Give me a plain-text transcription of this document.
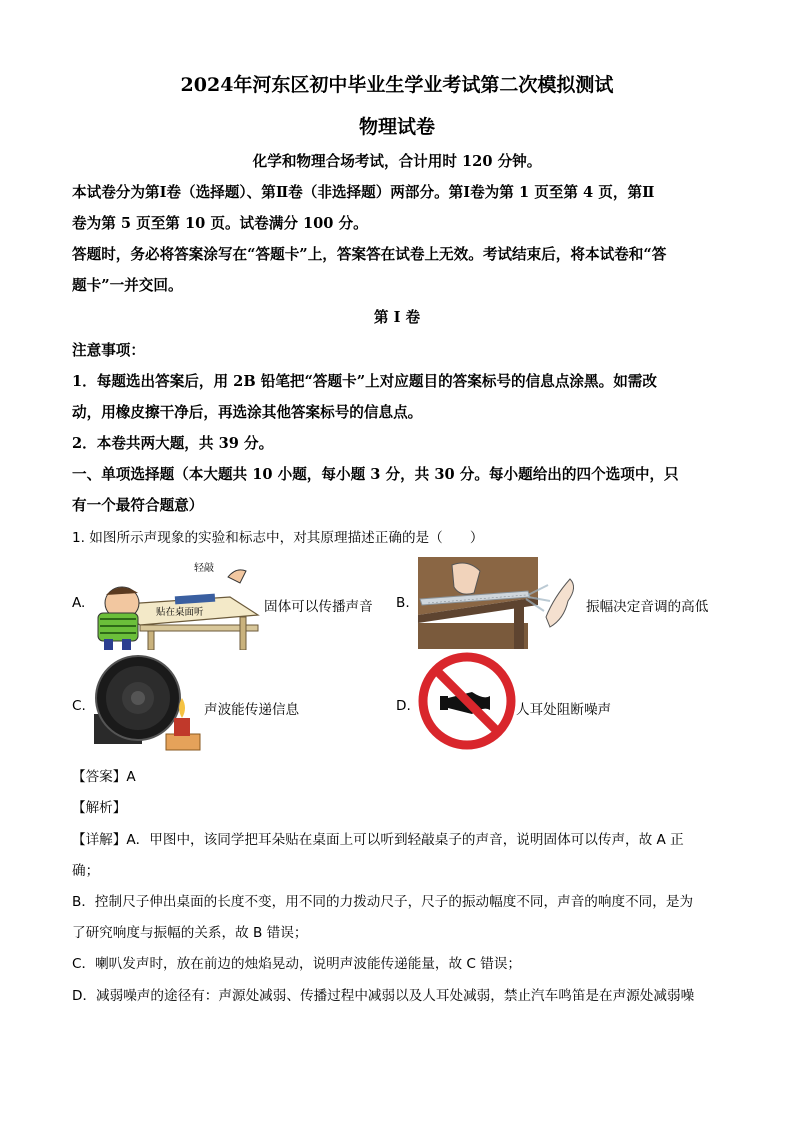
2024年河东区初中毕业生学业考试第二次模拟测试
物理试卷
化学和物理合场考试，合计用时 120 分钟。
本试卷分为第Ⅰ卷（选择题）、第Ⅱ卷（非选择题）两部分。第Ⅰ卷为第 1 页至第 4 页，第Ⅱ
卷为第 5 页至第 10 页。试卷满分 100 分。
答题时，务必将答案涂写在“答题卡”上，答案答在试卷上无效。考试结束后，将本试卷和“答
题卡”一并交回。
第 I 卷
注意事项：
1．每题选出答案后，用 2B 铅笔把“答题卡”上对应题目的答案标号的信息点涂黑。如需改
动，用橡皮擦干净后，再选涂其他答案标号的信息点。
2．本卷共两大题，共 39 分。
一、单项选择题（本大题共 10 小题，每小题 3 分，共 30 分。每小题给出的四个选项中，只
有一个最符合题意）
1. 如图所示声现象的实验和标志中，对其原理描述正确的是（　　）
A.
轻敲
贴在桌面听	固体可以传播声音 B.	振幅决定音调的高低
C.	声波能传递信息	D.	人耳处阻断噪声
【答案】A
【解析】
【详解】A．甲图中，该同学把耳朵贴在桌面上可以听到轻敲桌子的声音，说明固体可以传声，故 A 正
确；
B．控制尺子伸出桌面的长度不变，用不同的力拨动尺子，尺子的振动幅度不同，声音的响度不同，是为
了研究响度与振幅的关系，故 B 错误；
C．喇叭发声时，放在前边的烛焰晃动，说明声波能传递能量，故 C 错误；
D．减弱噪声的途径有：声源处减弱、传播过程中减弱以及人耳处减弱，禁止汽车鸣笛是在声源处减弱噪
